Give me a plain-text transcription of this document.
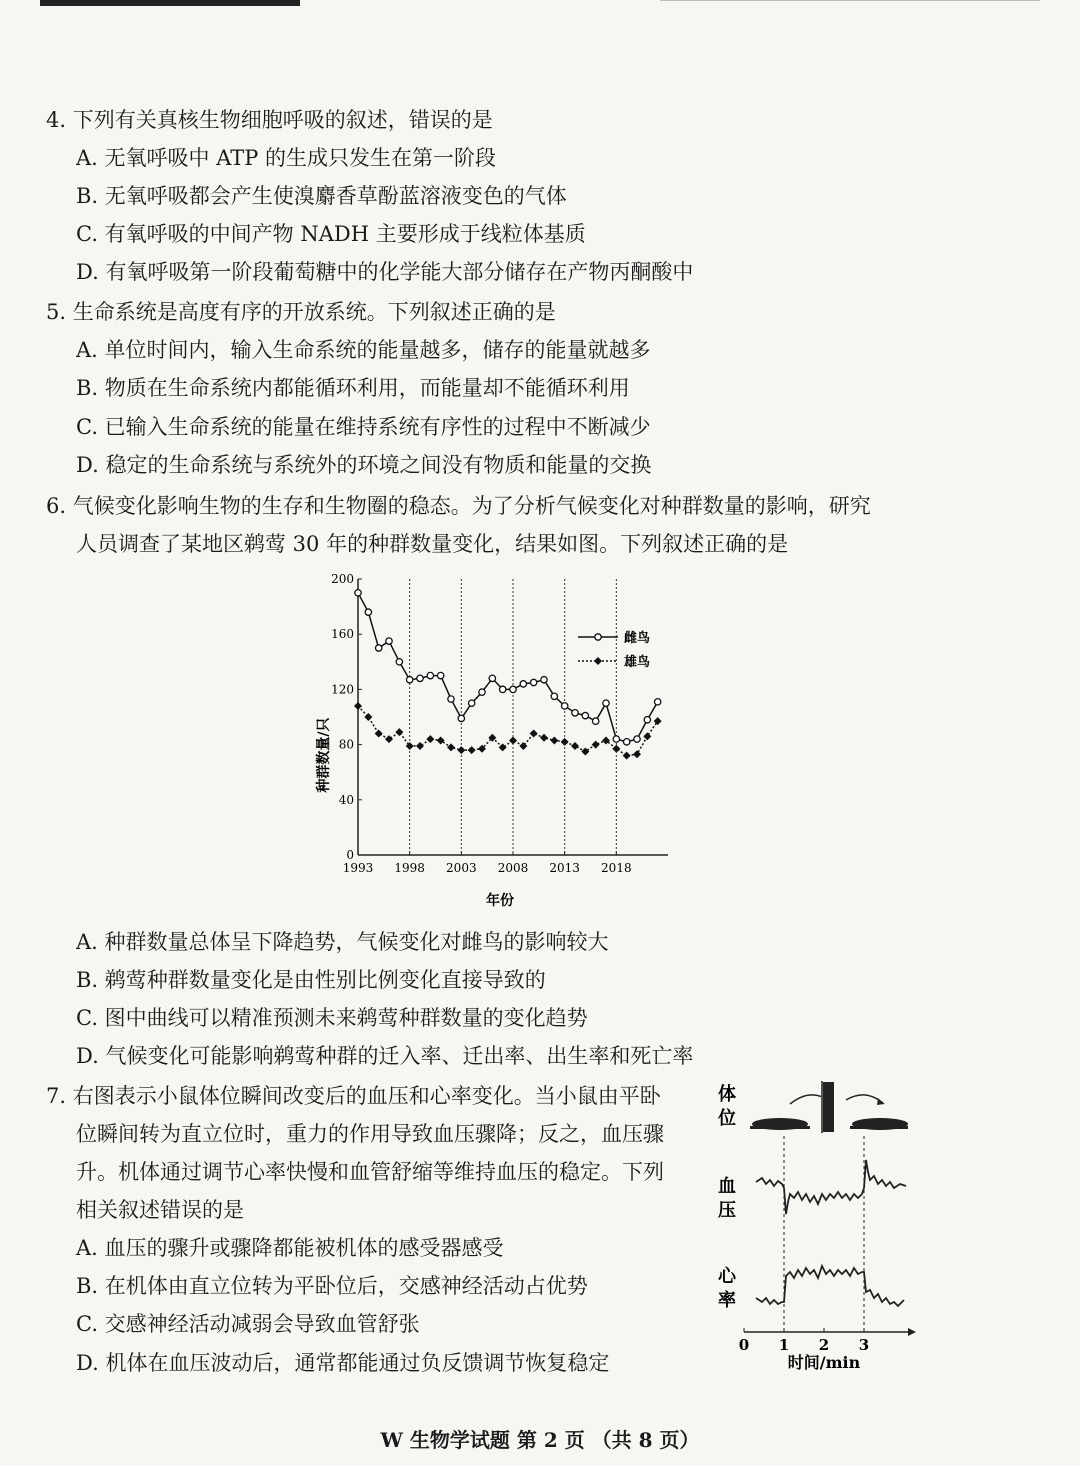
4. 下列有关真核生物细胞呼吸的叙述，错误的是
A. 无氧呼吸中 ATP 的生成只发生在第一阶段
B. 无氧呼吸都会产生使溴麝香草酚蓝溶液变色的气体
C. 有氧呼吸的中间产物 NADH 主要形成于线粒体基质
D. 有氧呼吸第一阶段葡萄糖中的化学能大部分储存在产物丙酮酸中
5. 生命系统是高度有序的开放系统。下列叙述正确的是
A. 单位时间内，输入生命系统的能量越多，储存的能量就越多
B. 物质在生命系统内都能循环利用，而能量却不能循环利用
C. 已输入生命系统的能量在维持系统有序性的过程中不断减少
D. 稳定的生命系统与系统外的环境之间没有物质和能量的交换
6. 气候变化影响生物的生存和生物圈的稳态。为了分析气候变化对种群数量的影响，研究
人员调查了某地区鹈莺 30 年的种群数量变化，结果如图。下列叙述正确的是
种群数量/只
年份
0
40
80
120
160
200
1993 1998 2003 2008 2013 2018
雌鸟
雄鸟
A. 种群数量总体呈下降趋势，气候变化对雌鸟的影响较大
B. 鹈莺种群数量变化是由性别比例变化直接导致的
C. 图中曲线可以精准预测未来鹈莺种群数量的变化趋势
D. 气候变化可能影响鹈莺种群的迁入率、迁出率、出生率和死亡率
7. 右图表示小鼠体位瞬间改变后的血压和心率变化。当小鼠由平卧
位瞬间转为直立位时，重力的作用导致血压骤降；反之，血压骤
升。机体通过调节心率快慢和血管舒缩等维持血压的稳定。下列
相关叙述错误的是
A. 血压的骤升或骤降都能被机体的感受器感受
B. 在机体由直立位转为平卧位后，交感神经活动占优势
C. 交感神经活动减弱会导致血管舒张
D. 机体在血压波动后，通常都能通过负反馈调节恢复稳定
体
位
血
压
心
率
0 1 2 3
时间/min
W 生物学试题 第 2 页 （共 8 页）
